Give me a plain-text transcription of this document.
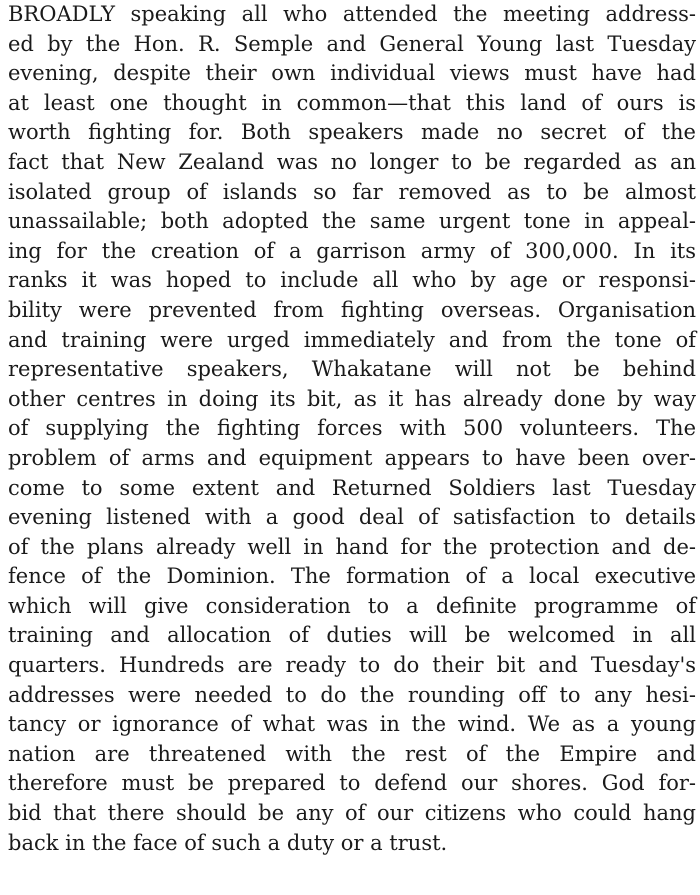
BROADLY speaking all who attended the meeting address-
ed by the Hon. R. Semple and General Young last Tuesday
evening, despite their own individual views must have had
at least one thought in common—that this land of ours is
worth fighting for. Both speakers made no secret of the
fact that New Zealand was no longer to be regarded as an
isolated group of islands so far removed as to be almost
unassailable; both adopted the same urgent tone in appeal-
ing for the creation of a garrison army of 300,000. In its
ranks it was hoped to include all who by age or responsi-
bility were prevented from fighting overseas. Organisation
and training were urged immediately and from the tone of
representative speakers, Whakatane will not be behind
other centres in doing its bit, as it has already done by way
of supplying the fighting forces with 500 volunteers. The
problem of arms and equipment appears to have been over-
come to some extent and Returned Soldiers last Tuesday
evening listened with a good deal of satisfaction to details
of the plans already well in hand for the protection and de-
fence of the Dominion. The formation of a local executive
which will give consideration to a definite programme of
training and allocation of duties will be welcomed in all
quarters. Hundreds are ready to do their bit and Tuesday's
addresses were needed to do the rounding off to any hesi-
tancy or ignorance of what was in the wind. We as a young
nation are threatened with the rest of the Empire and
therefore must be prepared to defend our shores. God for-
bid that there should be any of our citizens who could hang
back in the face of such a duty or a trust.
